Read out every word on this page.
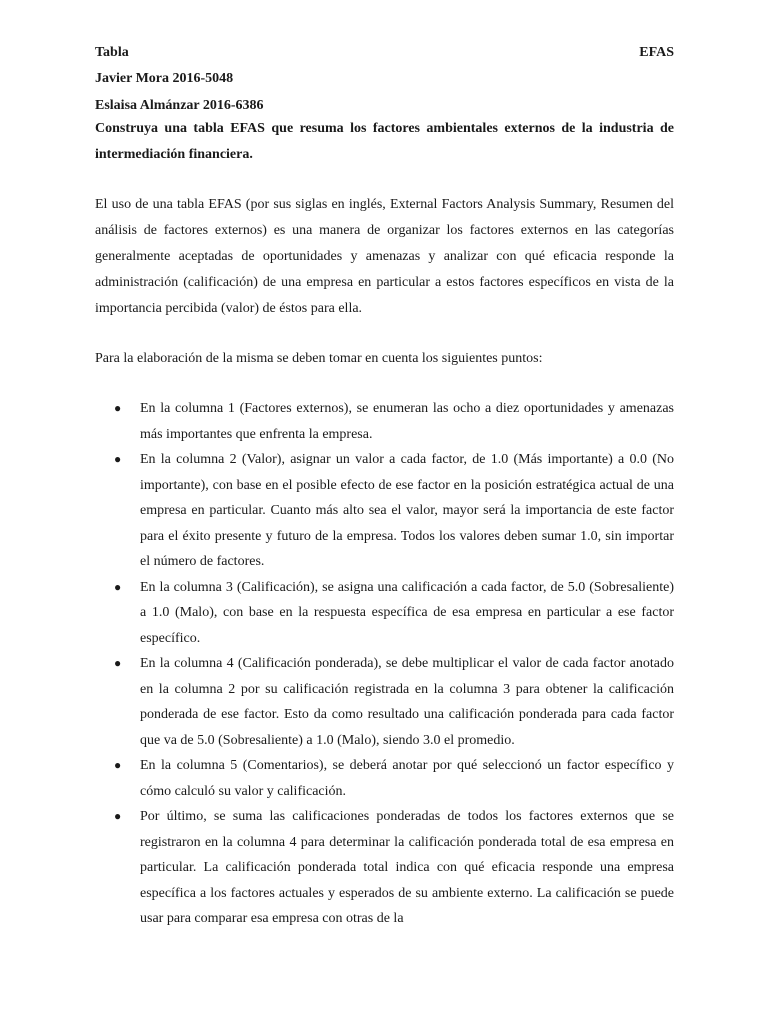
Tabla	EFAS
Javier Mora 2016-5048
Eslaisa Almánzar 2016-6386

Construya una tabla EFAS que resuma los factores ambientales externos de la industria de intermediación financiera.

El uso de una tabla EFAS (por sus siglas en inglés, External Factors Analysis Summary, Resumen del análisis de factores externos) es una manera de organizar los factores externos en las categorías generalmente aceptadas de oportunidades y amenazas y analizar con qué eficacia responde la administración (calificación) de una empresa en particular a estos factores específicos en vista de la importancia percibida (valor) de éstos para ella.

Para la elaboración de la misma se deben tomar en cuenta los siguientes puntos:

● En la columna 1 (Factores externos), se enumeran las ocho a diez oportunidades y amenazas más importantes que enfrenta la empresa.
● En la columna 2 (Valor), asignar un valor a cada factor, de 1.0 (Más importante) a 0.0 (No importante), con base en el posible efecto de ese factor en la posición estratégica actual de una empresa en particular. Cuanto más alto sea el valor, mayor será la importancia de este factor para el éxito presente y futuro de la empresa. Todos los valores deben sumar 1.0, sin importar el número de factores.
● En la columna 3 (Calificación), se asigna una calificación a cada factor, de 5.0 (Sobresaliente) a 1.0 (Malo), con base en la respuesta específica de esa empresa en particular a ese factor específico.
● En la columna 4 (Calificación ponderada), se debe multiplicar el valor de cada factor anotado en la columna 2 por su calificación registrada en la columna 3 para obtener la calificación ponderada de ese factor. Esto da como resultado una calificación ponderada para cada factor que va de 5.0 (Sobresaliente) a 1.0 (Malo), siendo 3.0 el promedio.
● En la columna 5 (Comentarios), se deberá anotar por qué seleccionó un factor específico y cómo calculó su valor y calificación.
● Por último, se suma las calificaciones ponderadas de todos los factores externos que se registraron en la columna 4 para determinar la calificación ponderada total de esa empresa en particular. La calificación ponderada total indica con qué eficacia responde una empresa específica a los factores actuales y esperados de su ambiente externo. La calificación se puede usar para comparar esa empresa con otras de la
